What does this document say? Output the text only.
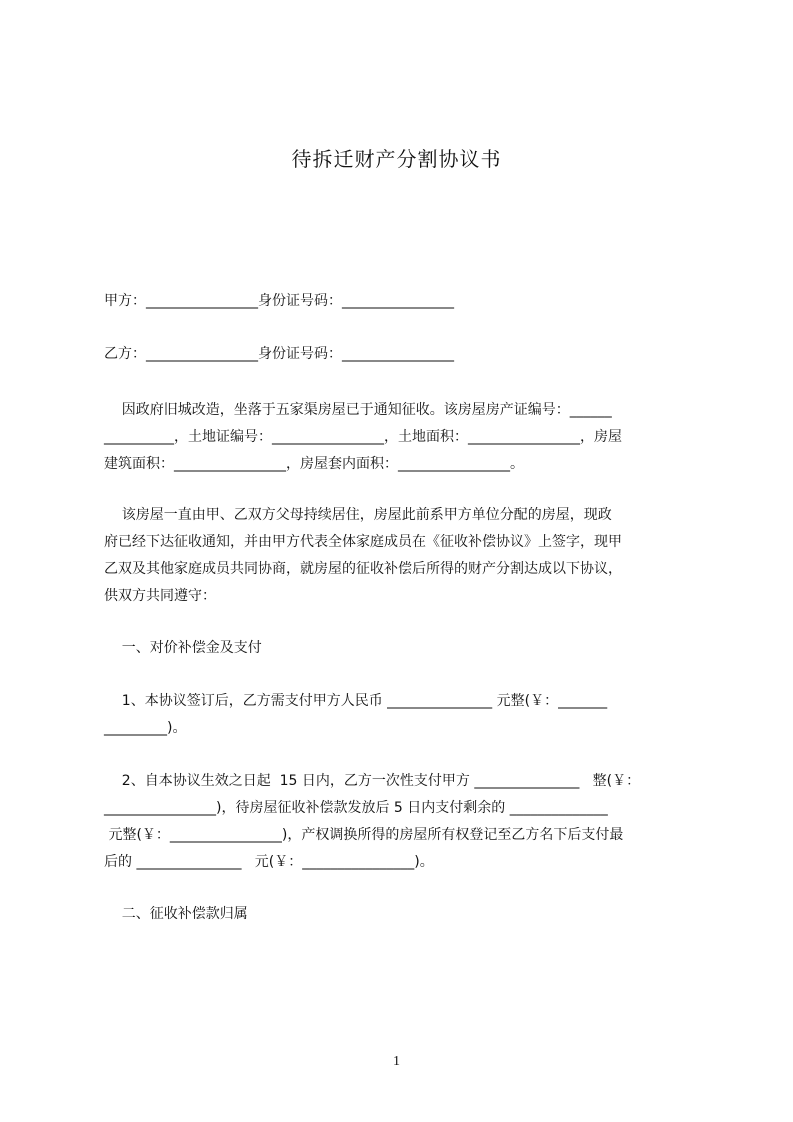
待拆迁财产分割协议书
甲方：________________身份证号码：________________
乙方：________________身份证号码：________________
因政府旧城改造，坐落于五家渠房屋已于通知征收。该房屋房产证编号：______
__________，土地证编号：________________，土地面积：________________，房屋
建筑面积：________________，房屋套内面积：________________。
该房屋一直由甲、乙双方父母持续居住，房屋此前系甲方单位分配的房屋，现政
府已经下达征收通知，并由甲方代表全体家庭成员在《征收补偿协议》上签字，现甲
乙双及其他家庭成员共同协商，就房屋的征收补偿后所得的财产分割达成以下协议，
供双方共同遵守：
一、对价补偿金及支付
1、本协议签订后，乙方需支付甲方人民币 _______________ 元整(￥：_______
_________)。
2、自本协议生效之日起  15 日内，乙方一次性支付甲方 _______________   整(￥：
________________)，待房屋征收补偿款发放后 5 日内支付剩余的 ______________
元整(￥：________________)，产权调换所得的房屋所有权登记至乙方名下后支付最
后的 _______________   元(￥：________________)。
二、征收补偿款归属
1
